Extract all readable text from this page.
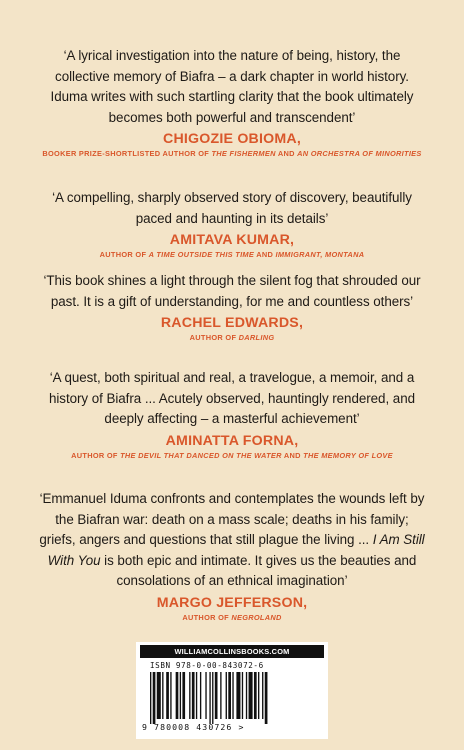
‘A lyrical investigation into the nature of being, history, the collective memory of Biafra – a dark chapter in world history. Iduma writes with such startling clarity that the book ultimately becomes both powerful and transcendent’

CHIGOZIE OBIOMA,
BOOKER PRIZE-SHORTLISTED AUTHOR OF THE FISHERMEN AND AN ORCHESTRA OF MINORITIES

‘A compelling, sharply observed story of discovery, beautifully paced and haunting in its details’

AMITAVA KUMAR,
AUTHOR OF A TIME OUTSIDE THIS TIME AND IMMIGRANT, MONTANA

‘This book shines a light through the silent fog that shrouded our past. It is a gift of understanding, for me and countless others’

RACHEL EDWARDS,
AUTHOR OF DARLING

‘A quest, both spiritual and real, a travelogue, a memoir, and a history of Biafra ... Acutely observed, hauntingly rendered, and deeply affecting – a masterful achievement’

AMINATTA FORNA,
AUTHOR OF THE DEVIL THAT DANCED ON THE WATER AND THE MEMORY OF LOVE

‘Emmanuel Iduma confronts and contemplates the wounds left by the Biafran war: death on a mass scale; deaths in his family; griefs, angers and questions that still plague the living ... I Am Still With You is both epic and intimate. It gives us the beauties and consolations of an ethnical imagination’

MARGO JEFFERSON,
AUTHOR OF NEGROLAND
WILLIAMCOLLINSBOOKS.COM
ISBN 978-0-00-843072-6
9 780008 430726 >
